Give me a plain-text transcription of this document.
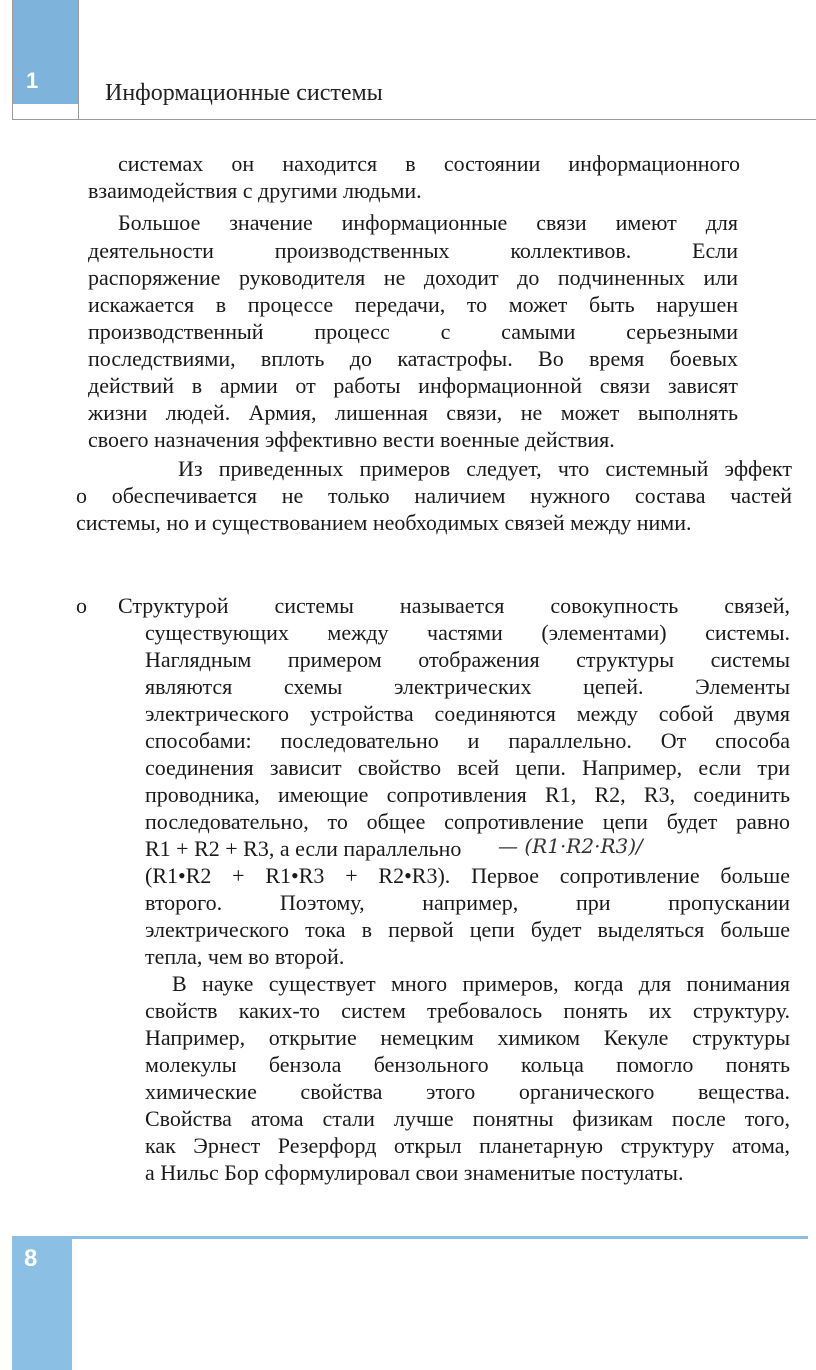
1	Информационные системы
системах он находится в состоянии информационного
взаимодействия с другими людьми.
Большое значение информационные связи имеют для
деятельности производственных коллективов. Если
распоряжение руководителя не доходит до подчиненных или
искажается в процессе передачи, то может быть нарушен
производственный процесс с самыми серьезными
последствиями, вплоть до катастрофы. Во время боевых
действий в армии от работы информационной связи зависят
жизни людей. Армия, лишенная связи, не может выполнять
своего назначения эффективно вести военные действия.
Из приведенных примеров следует, что системный эффект
о обеспечивается не только наличием нужного состава частей
системы, но и существованием необходимых связей между ними.
o Структурой системы называется совокупность связей,
существующих между частями (элементами) системы.
Наглядным примером отображения структуры системы
являются схемы электрических цепей. Элементы
электрического устройства соединяются между собой двумя
способами: последовательно и параллельно. От способа
соединения зависит свойство всей цепи. Например, если три
проводника, имеющие сопротивления R1, R2, R3, соединить
последовательно, то общее сопротивление цепи будет равно
R1 + R2 + R3, а если параллельно — (R1·R2·R3)/
(R1•R2 + R1•R3 + R2•R3). Первое сопротивление больше
второго. Поэтому, например, при пропускании
электрического тока в первой цепи будет выделяться больше
тепла, чем во второй.
В науке существует много примеров, когда для понимания
свойств каких-то систем требовалось понять их структуру.
Например, открытие немецким химиком Кекуле структуры
молекулы бензола бензольного кольца помогло понять
химические свойства этого органического вещества.
Свойства атома стали лучше понятны физикам после того,
как Эрнест Резерфорд открыл планетарную структуру атома,
а Нильс Бор сформулировал свои знаменитые постулаты.
8
